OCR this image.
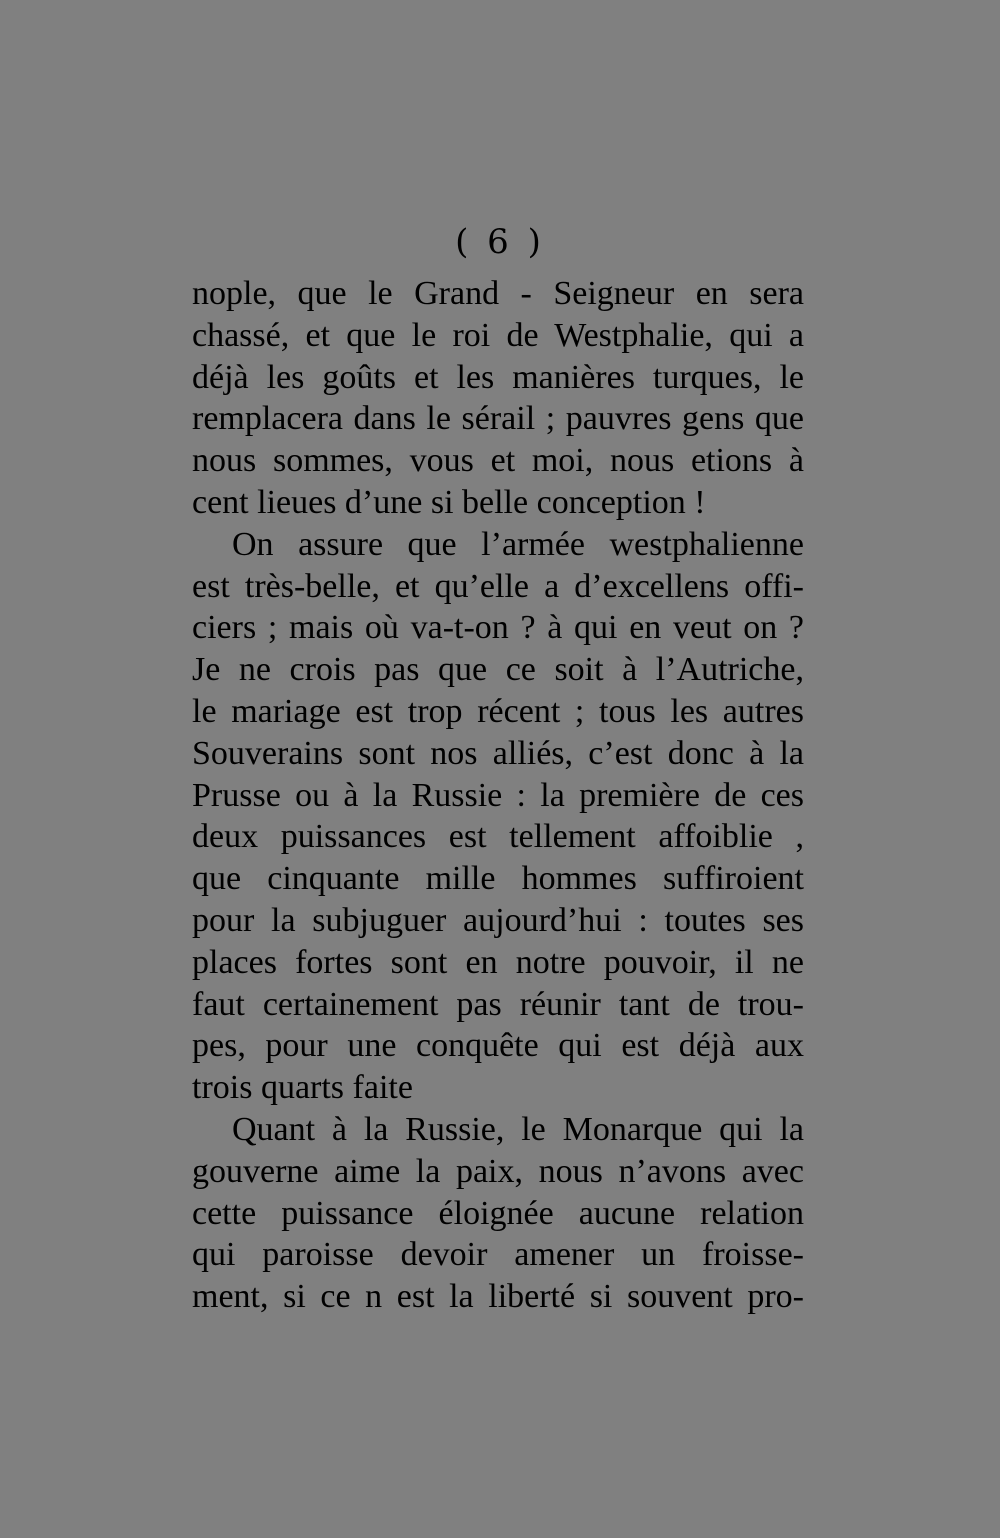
( 6 )
nople, que le Grand - Seigneur en sera
chassé, et que le roi de Westphalie, qui a
déjà les goûts et les manières turques, le
remplacera dans le sérail ; pauvres gens que
nous sommes, vous et moi, nous etions à
cent lieues d’une si belle conception !
On assure que l’armée westphalienne
est très-belle, et qu’elle a d’excellens offi-
ciers ; mais où va-t-on ? à qui en veut on ?
Je ne crois pas que ce soit à l’Autriche,
le mariage est trop récent ; tous les autres
Souverains sont nos alliés, c’est donc à la
Prusse ou à la Russie : la première de ces
deux puissances est tellement affoiblie ,
que cinquante mille hommes suffiroient
pour la subjuguer aujourd’hui : toutes ses
places fortes sont en notre pouvoir, il ne
faut certainement pas réunir tant de trou-
pes, pour une conquête qui est déjà aux
trois quarts faite
Quant à la Russie, le Monarque qui la
gouverne aime la paix, nous n’avons avec
cette puissance éloignée aucune relation
qui paroisse devoir amener un froisse-
ment, si ce n est la liberté si souvent pro-
